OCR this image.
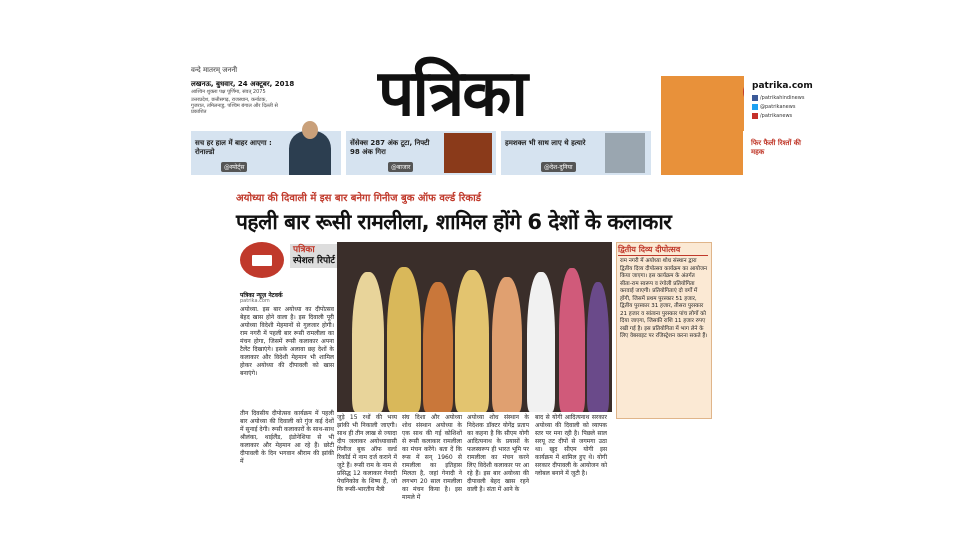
वन्दे मातरम् जननी
लखनऊ, बुधवार, 24 अक्टूबर, 2018
आश्विन शुक्ला पक्ष पूर्णिमा, संवत् 2075
उत्तरप्रदेश, छत्तीसगढ़, राजस्थान, कर्नाटक, गुजरात, तमिलनाडु, पश्चिम बंगाल और दिल्ली से प्रकाशित	पत्रिका	patrika.com
/patrikahindinews
@patrikanews
/patrikanews
सच हर हाल में बाहर आएगा : रोनाल्डो
@स्पोर्ट्स
सेंसेक्स 287 अंक टूटा, निफ्टी 98 अंक गिरा
@बाजार
हमशक्ल भी साथ लाए थे हत्यारे
@देश-दुनिया
फिर फैली रिश्तों की महक
अयोध्या की दिवाली में इस बार बनेगा गिनीज बुक ऑफ वर्ल्ड रिकार्ड
पहली बार रूसी रामलीला, शामिल होंगे 6 देशों के कलाकार
पत्रिका
स्पेशल रिपोर्ट
पत्रिका न्यूज़ नेटवर्क
patrika.com
अयोध्या. इस बार अयोध्या का दीपोत्सव बेहद खास होने वाला है। इस दिवाली पूरी अयोध्या विदेशी मेहमानों से गुलजार होगी। राम नगरी में पहली बार रूसी रामलीला का मंचन होगा, जिसमें रूसी कलाकार अपना टैलेंट दिखाएंगे। इसके अलावा छह देशों के कलाकार और विदेशी मेहमान भी शामिल होकर अयोध्या की दीपावली को खास बनाएंगे।
तीन दिवसीय दीपोत्सव कार्यक्रम में पहली बार अयोध्या की दिवाली को गुंज कई देशों में सुनाई देगी। रूसी कलाकारों के साथ-साथ श्रीलंका, थाईलैंड, इंडोनेशिया से भी कलाकार और मेहमान आ रहे हैं। छोटी दीपावली के दिन भगवान श्रीराम की झांकी में
जुड़े 15 रथों की भव्य झांकी भी निकाली जाएगी। साथ ही तीन लाख से ज्यादा दीप जलाकर अयोध्यावासी गिनीज बुक ऑफ वर्ल्ड रिकॉर्ड में नाम दर्ज कराने में जुटे हैं। रूसी राम के नाम से प्रसिद्ध 12 कलाकार गेनादी पेचनिकोव के शिष्य हैं, जो कि रूसी-भारतीय मैत्री
संघ दिशा और अयोध्या शोध संस्थान अयोध्या के एक साथ की गई कोशिशों से रूसी कलाकार रामलीला का मंचन करेंगे। बता दें कि रूस में सन् 1960 से रामलीला का इतिहास मिलता है, जहां गेनादी ने लगभग 20 साल रामलीला का मंचन किया है। इस मामले में
अयोध्या शोध संस्थान के निदेशक डॉक्टर योगेंद्र प्रताप का कहना है कि सीएम योगी आदित्यनाथ के प्रयासों के फलस्वरूप ही भारत भूमि पर रामलीला का मंचन करने लिए विदेशी कलाकार पर आ रहे हैं। इस बार अयोध्या की दीपावली बेहद खास रहने वाली है। संता में आने के
बाद से योगी आदित्यनाथ सरकार अयोध्या की दिवाली को व्यापक स्तर पर मना रही है। पिछले साल सरयू तट दीपों से जगमगा उठा था। खुद सीएम योगी इस कार्यक्रम में शामिल हुए थे। योगी सरकार दीपावली के आयोजन को ग्लोबल बनाने में जुटी है।
द्वितीय दिव्य दीपोत्सव
राम नगरी में अयोध्या शोध संस्थान द्वारा द्वितीय दिव्य दीपोत्सव कार्यक्रम का आयोजन किया जाएगा। इस कार्यक्रम के अंतर्गत सीता-राम स्वरूप व रंगोली प्रतियोगिता करवाई जाएगी। प्रतियोगिताएं दो वर्गों में होंगी, जिसमें प्रथम पुरस्कार 51 हजार, द्वितीय पुरस्कार 31 हजार, तीसरा पुरस्कार 21 हजार व सांत्वना पुरस्कार पांच लोगों को दिया जाएगा, जिसकी राशि 11 हजार रुपए रखी गई है। इस प्रतियोगिता में भाग लेने के लिए वेबसाइट पर रजिस्ट्रेशन करना सकते हैं।
